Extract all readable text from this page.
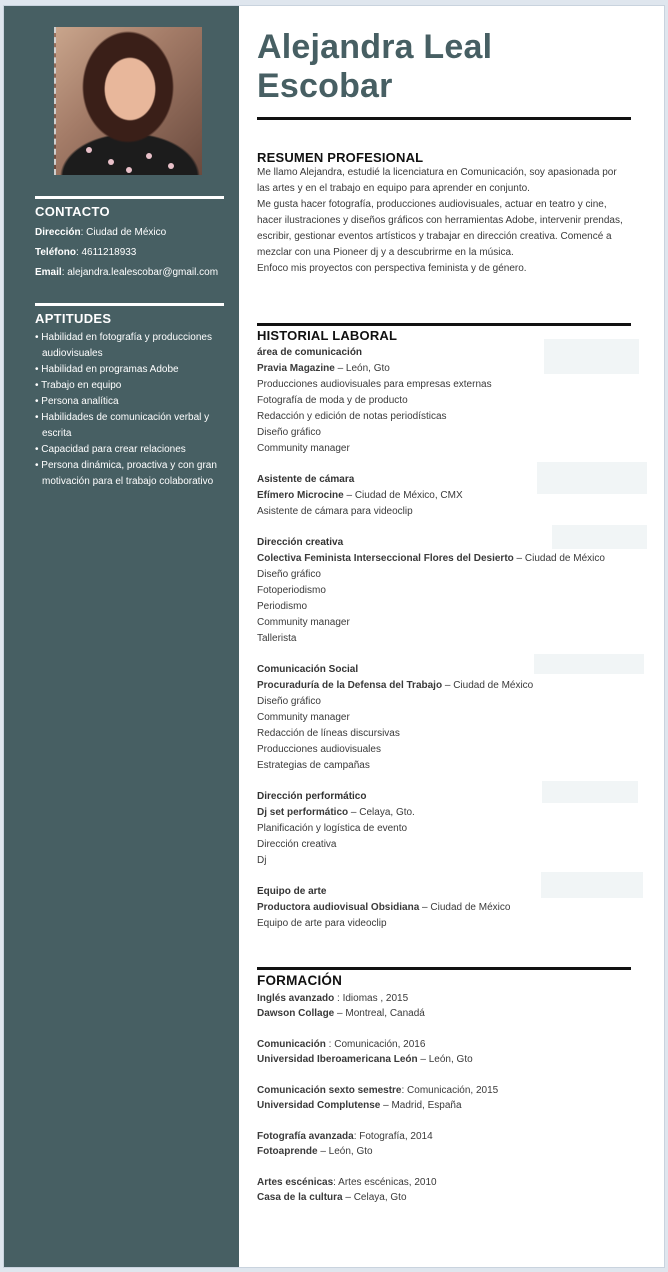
CONTACTO
Dirección: Ciudad de México
Teléfono: 4611218933
Email: alejandra.lealescobar@gmail.com
APTITUDES
• Habilidad en fotografía y producciones audiovisuales
• Habilidad en programas Adobe
• Trabajo en equipo
• Persona analítica
• Habilidades de comunicación verbal y escrita
• Capacidad para crear relaciones
• Persona dinámica, proactiva y con gran motivación para el trabajo colaborativo
Alejandra Leal
Escobar
RESUMEN PROFESIONAL
Me llamo Alejandra, estudié la licenciatura en Comunicación, soy apasionada por las artes y en el trabajo en equipo para aprender en conjunto.
Me gusta hacer fotografía, producciones audiovisuales, actuar en teatro y cine, hacer ilustraciones y diseños gráficos con herramientas Adobe, intervenir prendas, escribir, gestionar eventos artísticos y trabajar en dirección creativa. Comencé a mezclar con una Pioneer dj y a descubrirme en la música.
Enfoco mis proyectos con perspectiva feminista y de género.
HISTORIAL LABORAL
área de comunicación
Pravia Magazine – León, Gto
Producciones audiovisuales para empresas externas
Fotografía de moda y de producto
Redacción y edición de notas periodísticas
Diseño gráfico
Community manager
Asistente de cámara
Efímero Microcine – Ciudad de México, CMX
Asistente de cámara para videoclip
Dirección creativa
Colectiva Feminista Interseccional Flores del Desierto – Ciudad de México
Diseño gráfico
Fotoperiodismo
Periodismo
Community manager
Tallerista
Comunicación Social
Procuraduría de la Defensa del Trabajo – Ciudad de México
Diseño gráfico
Community manager
Redacción de líneas discursivas
Producciones audiovisuales
Estrategias de campañas
Dirección performático
Dj set performático – Celaya, Gto.
Planificación y logística de evento
Dirección creativa
Dj
Equipo de arte
Productora audiovisual Obsidiana – Ciudad de México
Equipo de arte para videoclip
FORMACIÓN
Inglés avanzado : Idiomas , 2015
Dawson Collage – Montreal, Canadá
Comunicación : Comunicación, 2016
Universidad Iberoamericana León – León, Gto
Comunicación sexto semestre: Comunicación, 2015
Universidad Complutense – Madrid, España
Fotografía avanzada: Fotografía, 2014
Fotoaprende – León, Gto
Artes escénicas: Artes escénicas, 2010
Casa de la cultura – Celaya, Gto
